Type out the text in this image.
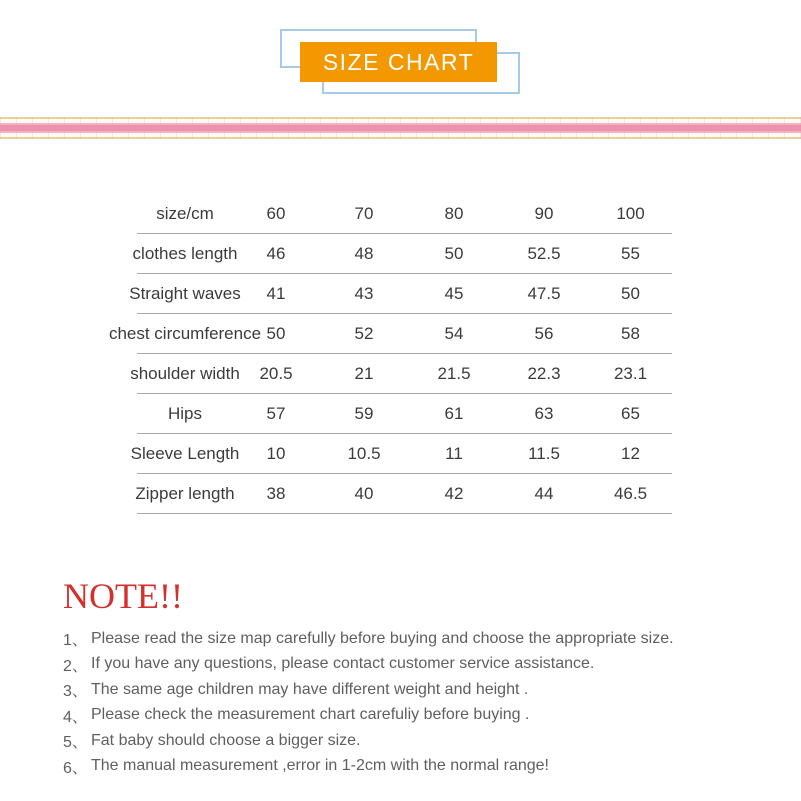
SIZE CHART
size/cm	60	70	80	90	100
clothes length 46	48	50	52.5	55
Straight waves 41	43	45	47.5	50
chest circumference 50	52	54	56	58
shoulder width 20.5	21	21.5	22.3	23.1
Hips	57	59	61	63	65
Sleeve Length 10	10.5	11	11.5	12
Zipper length 38	40	42	44	46.5
NOTE!!
1、 Please read the size map carefully before buying and choose the appropriate size.
2、 If you have any questions, please contact customer service assistance.
3、 The same age children may have different weight and height .
4、 Please check the measurement chart carefuliy before buying .
5、 Fat baby should choose a bigger size.
6、 The manual measurement ,error in 1-2cm with the normal range!
